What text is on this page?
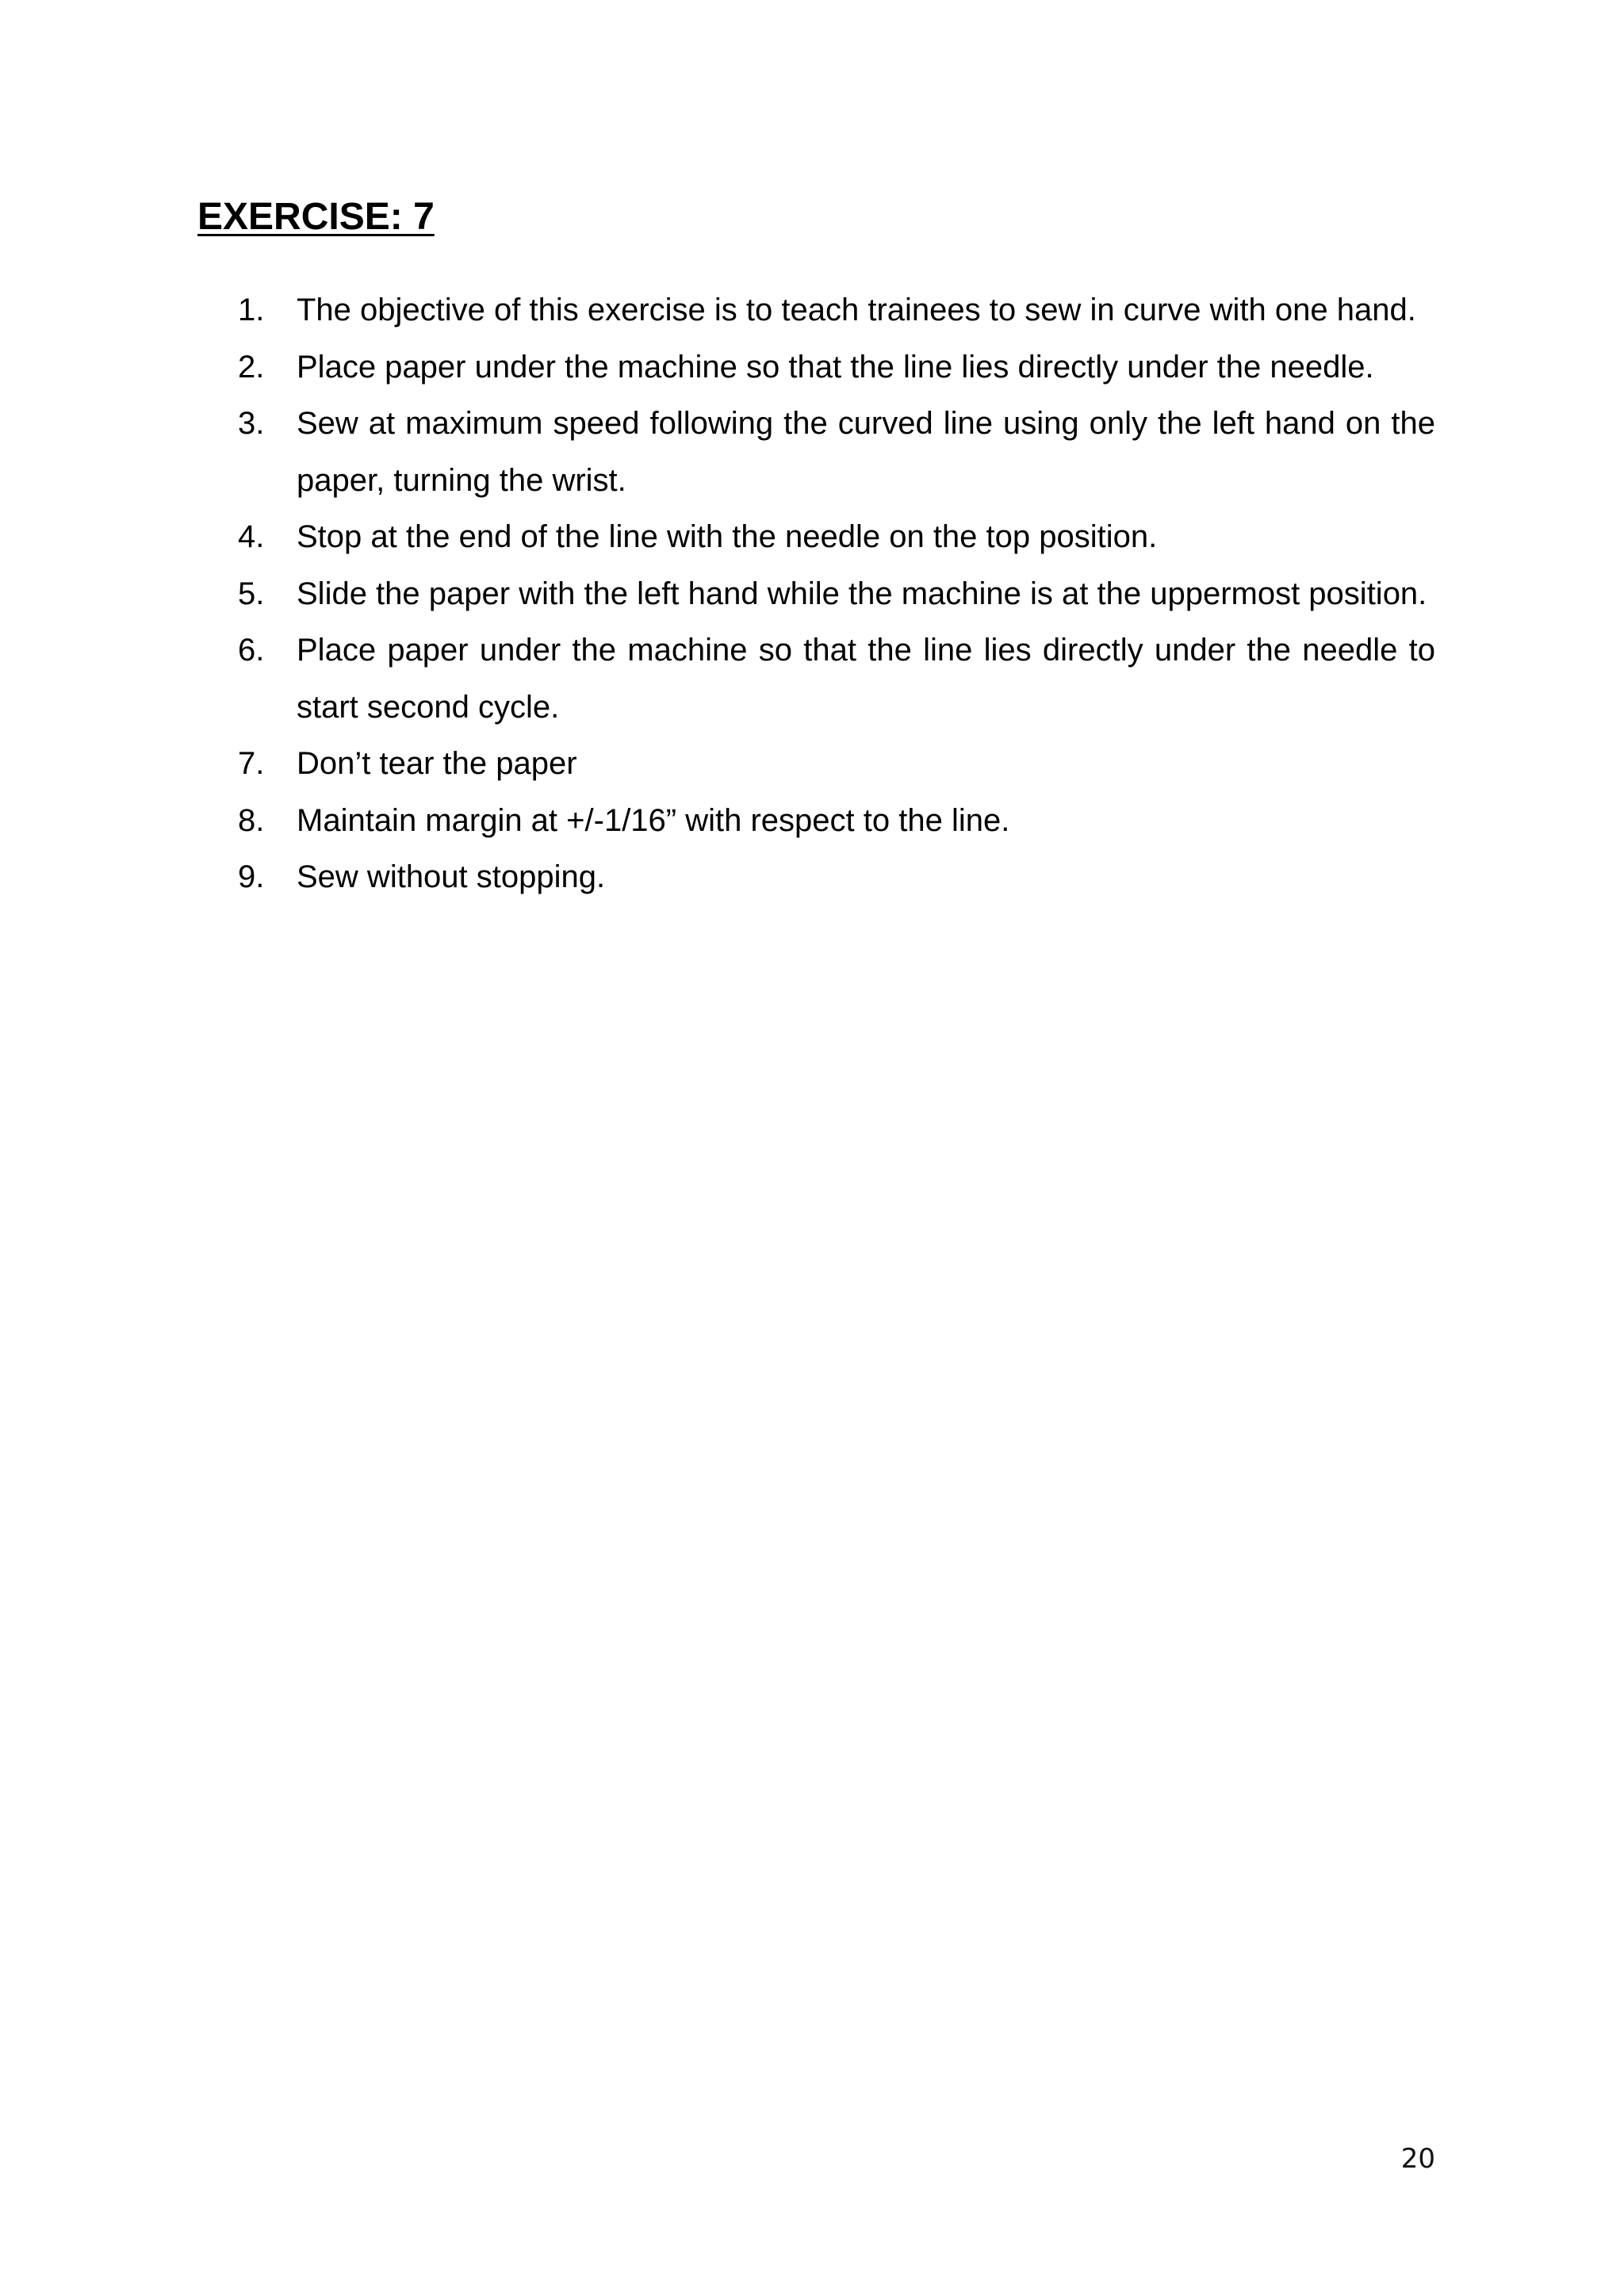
EXERCISE: 7
1.	The objective of this exercise is to teach trainees to sew in curve with one hand.
2.	Place paper under the machine so that the line lies directly under the needle.
3.	Sew at maximum speed following the curved line using only the left hand on the paper, turning the wrist.
4.	Stop at the end of the line with the needle on the top position.
5.	Slide the paper with the left hand while the machine is at the uppermost position.
6.	Place paper under the machine so that the line lies directly under the needle to start second cycle.
7.	Don’t tear the paper
8.	Maintain margin at +/-1/16” with respect to the line.
9.	Sew without stopping.
20
